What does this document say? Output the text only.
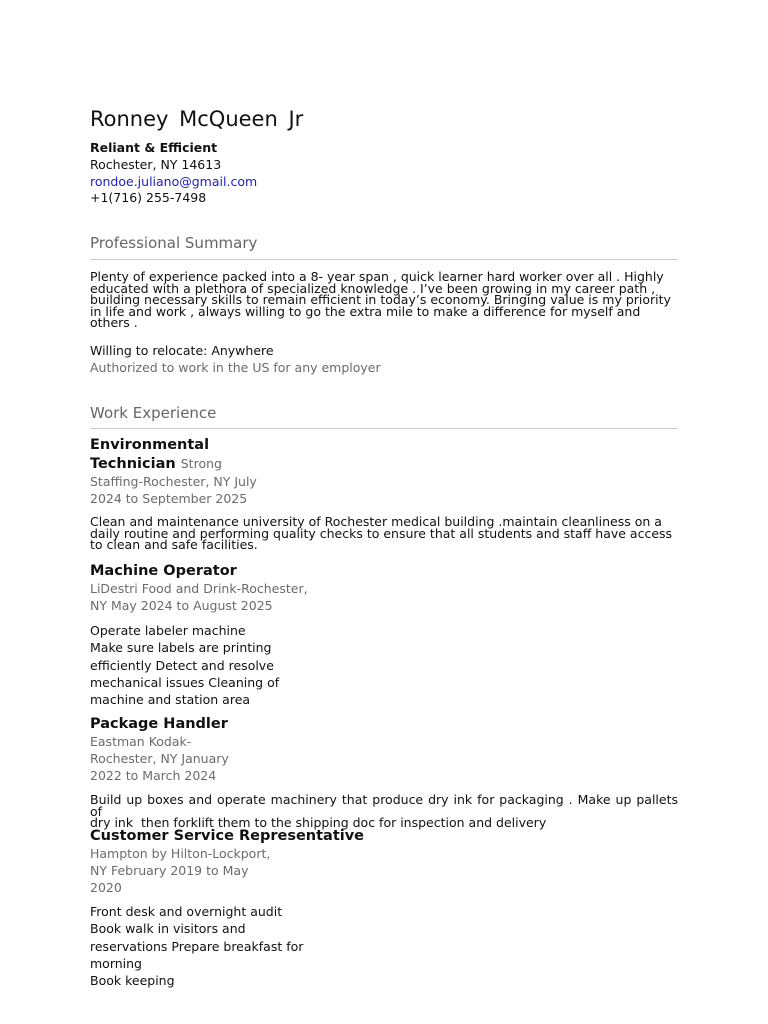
Ronney McQueen Jr
Reliant & Efficient
Rochester, NY 14613
rondoe.juliano@gmail.com
+1(716) 255-7498
Professional Summary

Plenty of experience packed into a 8- year span , quick learner hard worker over all . Highly

educated with a plethora of specialized knowledge . I’ve been growing in my career path ,

building necessary skills to remain efficient in today’s economy. Bringing value is my priority

in life and work , always willing to go the extra mile to make a difference for myself and

others .

Willing to relocate: Anywhere
Authorized to work in the US for any employer
Work Experience
Environmental
Technician Strong
Staffing-Rochester, NY July
2024 to September 2025

Clean and maintenance university of Rochester medical building .maintain cleanliness on a

daily routine and performing quality checks to ensure that all students and staff have access

to clean and safe facilities.

Machine Operator
LiDestri Food and Drink-Rochester,
NY May 2024 to August 2025
Operate labeler machine
Make sure labels are printing
efficiently Detect and resolve
mechanical issues Cleaning of
machine and station area
Package Handler
Eastman Kodak-
Rochester, NY January
2022 to March 2024

Build up boxes and operate machinery that produce dry ink for packaging . Make up pallets of

dry ink  then forklift them to the shipping doc for inspection and delivery

Customer Service Representative
Hampton by Hilton-Lockport,
NY February 2019 to May
2020
Front desk and overnight audit
Book walk in visitors and
reservations Prepare breakfast for
morning
Book keeping
